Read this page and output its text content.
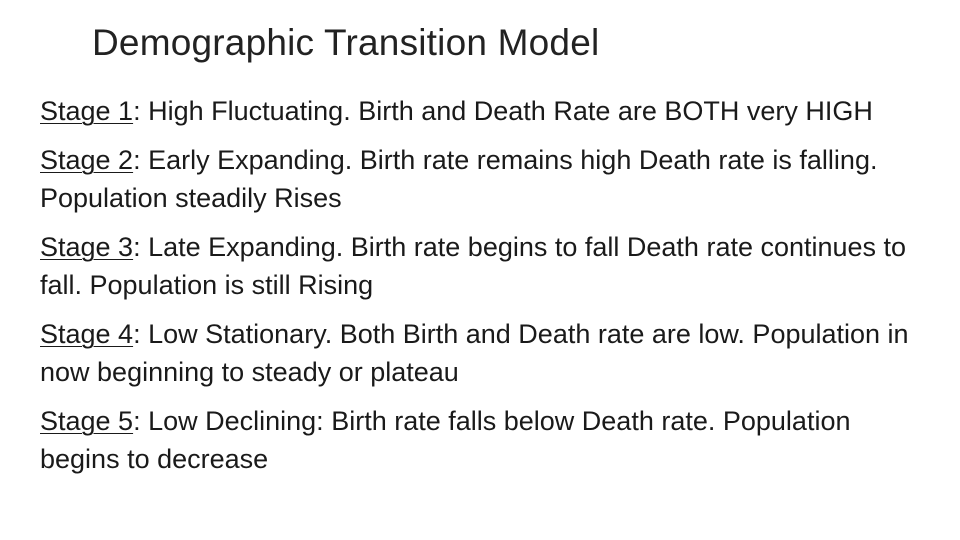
Demographic Transition Model
Stage 1: High Fluctuating. Birth and Death Rate are BOTH very HIGH
Stage 2: Early Expanding. Birth rate remains high Death rate is falling. Population steadily Rises
Stage 3: Late Expanding. Birth rate begins to fall Death rate continues to fall. Population is still Rising
Stage 4: Low Stationary. Both Birth and Death rate are low. Population in now beginning to steady or plateau
Stage 5: Low Declining: Birth rate falls below Death rate. Population begins to decrease
